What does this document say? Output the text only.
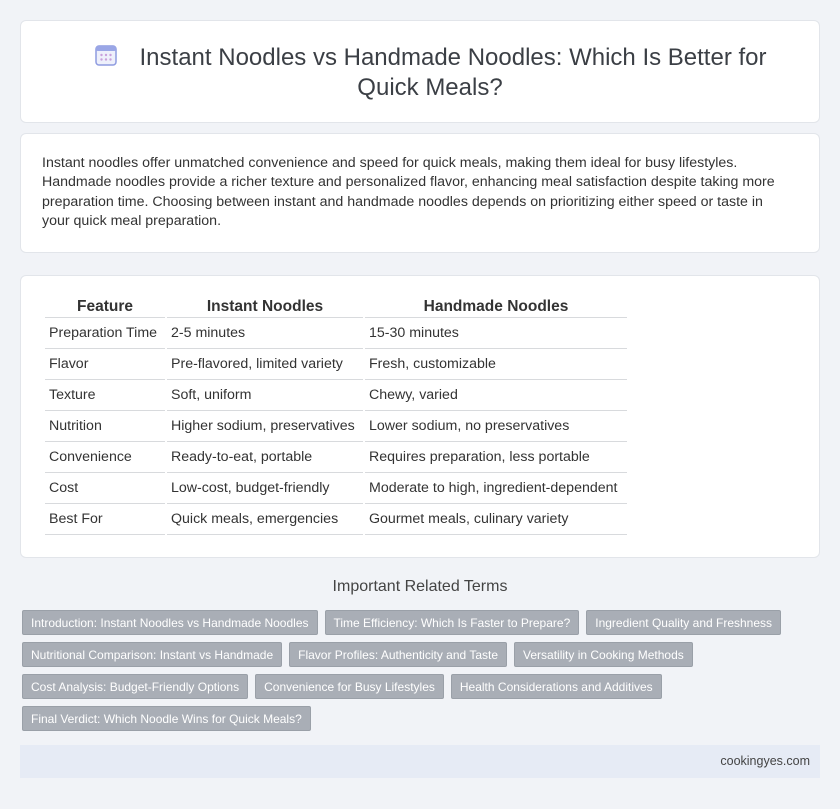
Instant Noodles vs Handmade Noodles: Which Is Better for Quick Meals?

Instant noodles offer unmatched convenience and speed for quick meals, making them ideal for busy lifestyles. Handmade noodles provide a richer texture and personalized flavor, enhancing meal satisfaction despite taking more preparation time. Choosing between instant and handmade noodles depends on prioritizing either speed or taste in your quick meal preparation.

Feature	Instant Noodles	Handmade Noodles
Preparation Time	2-5 minutes	15-30 minutes
Flavor	Pre-flavored, limited variety	Fresh, customizable
Texture	Soft, uniform	Chewy, varied
Nutrition	Higher sodium, preservatives	Lower sodium, no preservatives
Convenience	Ready-to-eat, portable	Requires preparation, less portable
Cost	Low-cost, budget-friendly	Moderate to high, ingredient-dependent
Best For	Quick meals, emergencies	Gourmet meals, culinary variety
Important Related Terms
Introduction: Instant Noodles vs Handmade Noodles	Time Efficiency: Which Is Faster to Prepare?	Ingredient Quality and Freshness
Nutritional Comparison: Instant vs Handmade	Flavor Profiles: Authenticity and Taste	Versatility in Cooking Methods
Cost Analysis: Budget-Friendly Options	Convenience for Busy Lifestyles	Health Considerations and Additives
Final Verdict: Which Noodle Wins for Quick Meals?
cookingyes.com
